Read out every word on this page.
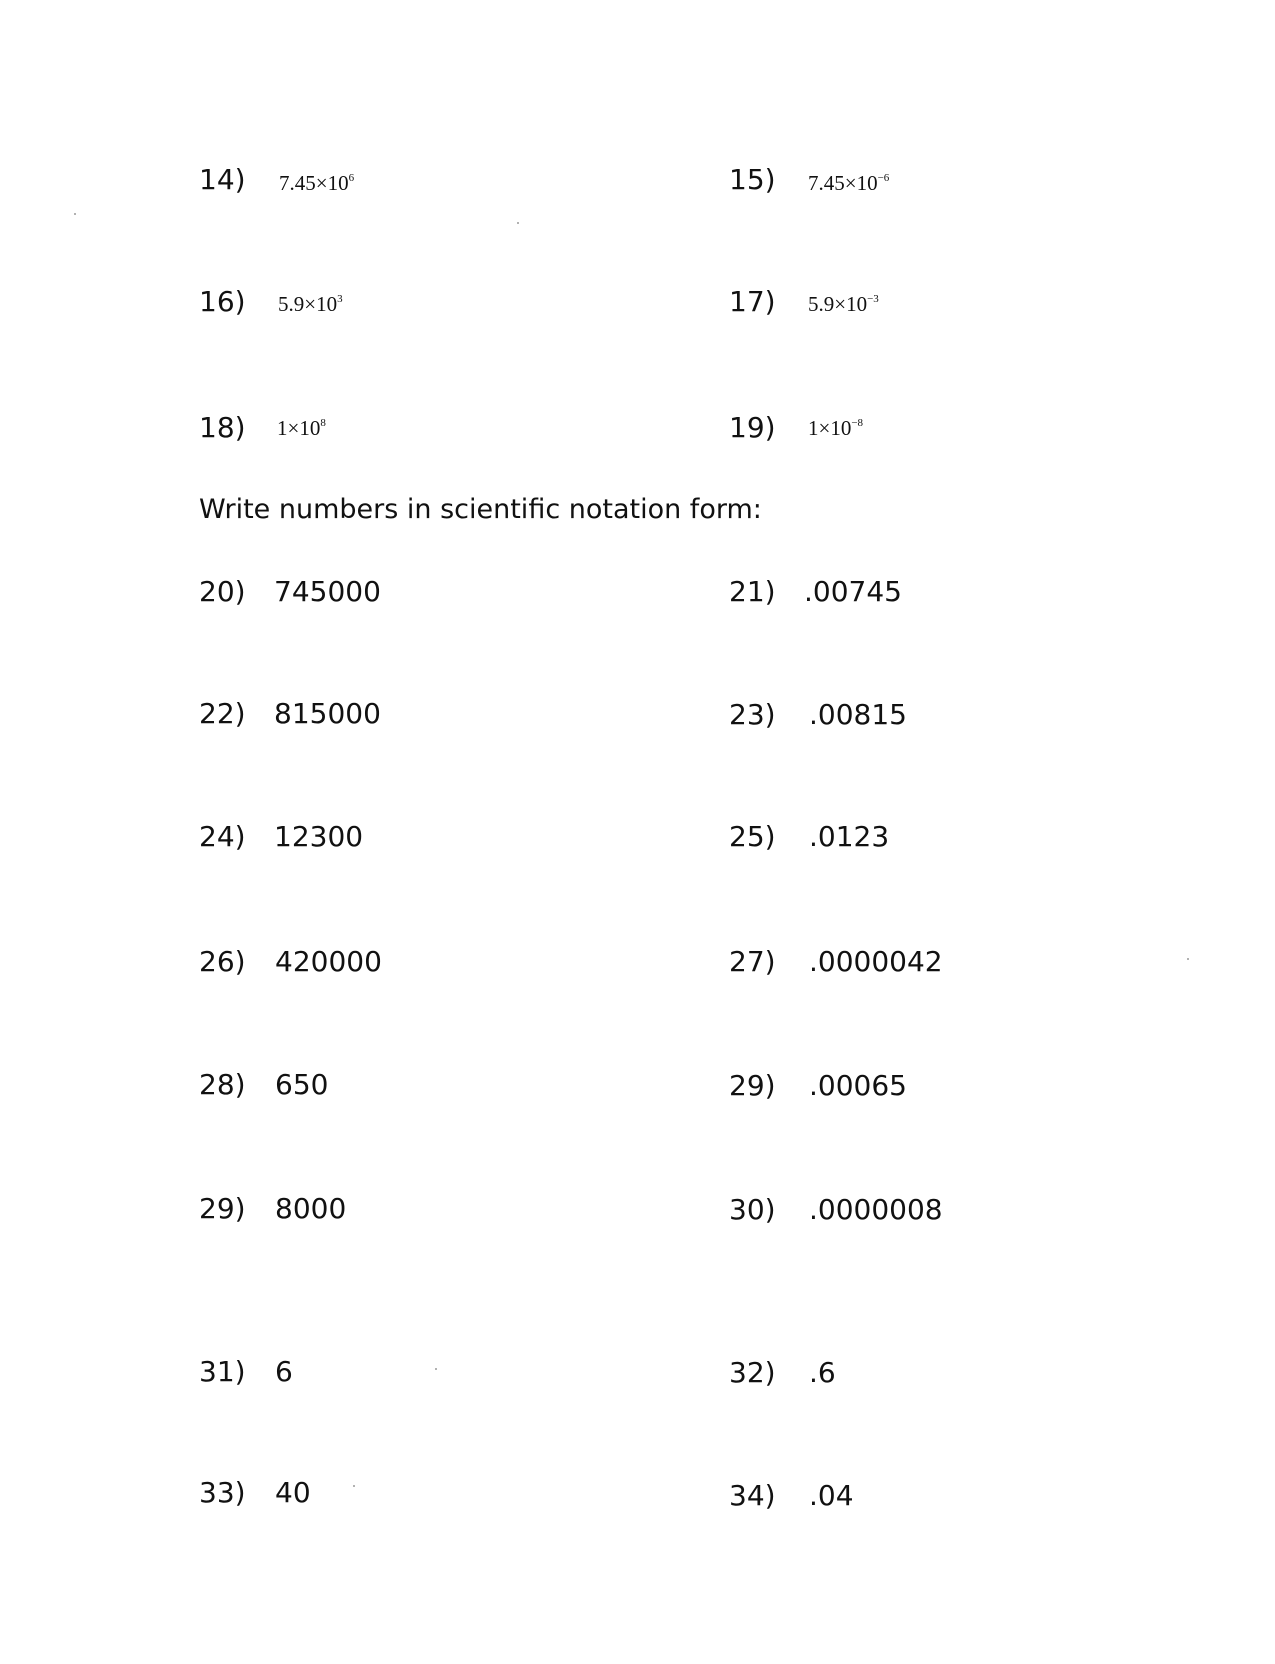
14) $7.45\times 10^6$	15) $7.45\times 10^{-6}$
16) $5.9\times 10^3$	17) $5.9\times 10^{-3}$
18) $1\times 10^8$	19) $1\times 10^{-8}$
Write numbers in scientific notation form:
20) 745000	21) .00745
22) 815000	23) .00815
24) 12300	25) .0123
26) 420000	27) .0000042
28) 650	29) .00065
29) 8000	30) .0000008
31) 6	32) .6
33) 40	34) .04
